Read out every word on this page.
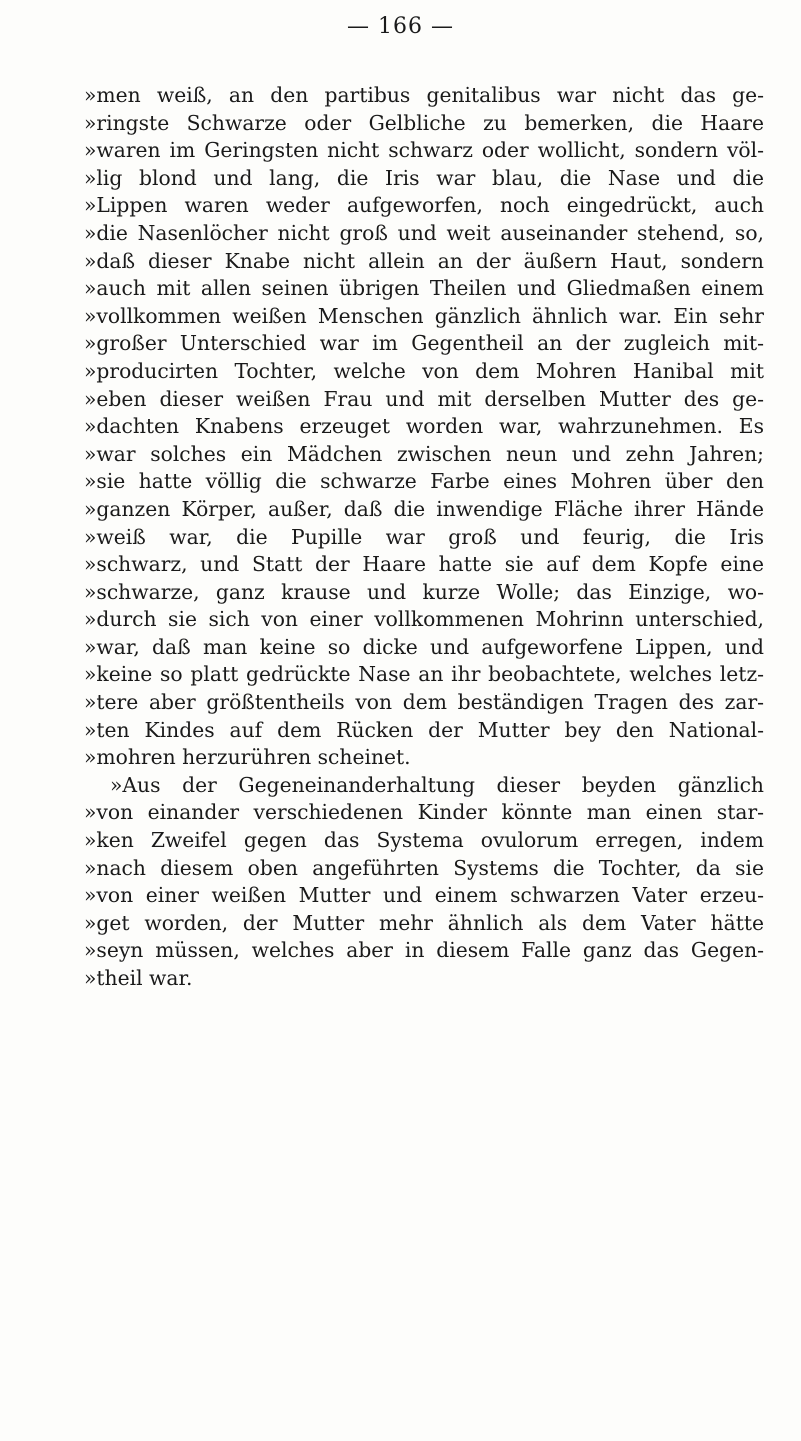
— 166 —
»men weiß, an den partibus genitalibus war nicht das ge-
»ringste Schwarze oder Gelbliche zu bemerken, die Haare
»waren im Geringsten nicht schwarz oder wollicht, sondern völ-
»lig blond und lang, die Iris war blau, die Nase und die
»Lippen waren weder aufgeworfen, noch eingedrückt, auch
»die Nasenlöcher nicht groß und weit auseinander stehend, so,
»daß dieser Knabe nicht allein an der äußern Haut, sondern
»auch mit allen seinen übrigen Theilen und Gliedmaßen einem
»vollkommen weißen Menschen gänzlich ähnlich war. Ein sehr
»großer Unterschied war im Gegentheil an der zugleich mit-
»producirten Tochter, welche von dem Mohren Hanibal mit
»eben dieser weißen Frau und mit derselben Mutter des ge-
»dachten Knabens erzeuget worden war, wahrzunehmen. Es
»war solches ein Mädchen zwischen neun und zehn Jahren;
»sie hatte völlig die schwarze Farbe eines Mohren über den
»ganzen Körper, außer, daß die inwendige Fläche ihrer Hände
»weiß war, die Pupille war groß und feurig, die Iris
»schwarz, und Statt der Haare hatte sie auf dem Kopfe eine
»schwarze, ganz krause und kurze Wolle; das Einzige, wo-
»durch sie sich von einer vollkommenen Mohrinn unterschied,
»war, daß man keine so dicke und aufgeworfene Lippen, und
»keine so platt gedrückte Nase an ihr beobachtete, welches letz-
»tere aber größtentheils von dem beständigen Tragen des zar-
»ten Kindes auf dem Rücken der Mutter bey den National-
»mohren herzurühren scheinet.
»Aus der Gegeneinanderhaltung dieser beyden gänzlich
»von einander verschiedenen Kinder könnte man einen star-
»ken Zweifel gegen das Systema ovulorum erregen, indem
»nach diesem oben angeführten Systems die Tochter, da sie
»von einer weißen Mutter und einem schwarzen Vater erzeu-
»get worden, der Mutter mehr ähnlich als dem Vater hätte
»seyn müssen, welches aber in diesem Falle ganz das Gegen-
»theil war.
